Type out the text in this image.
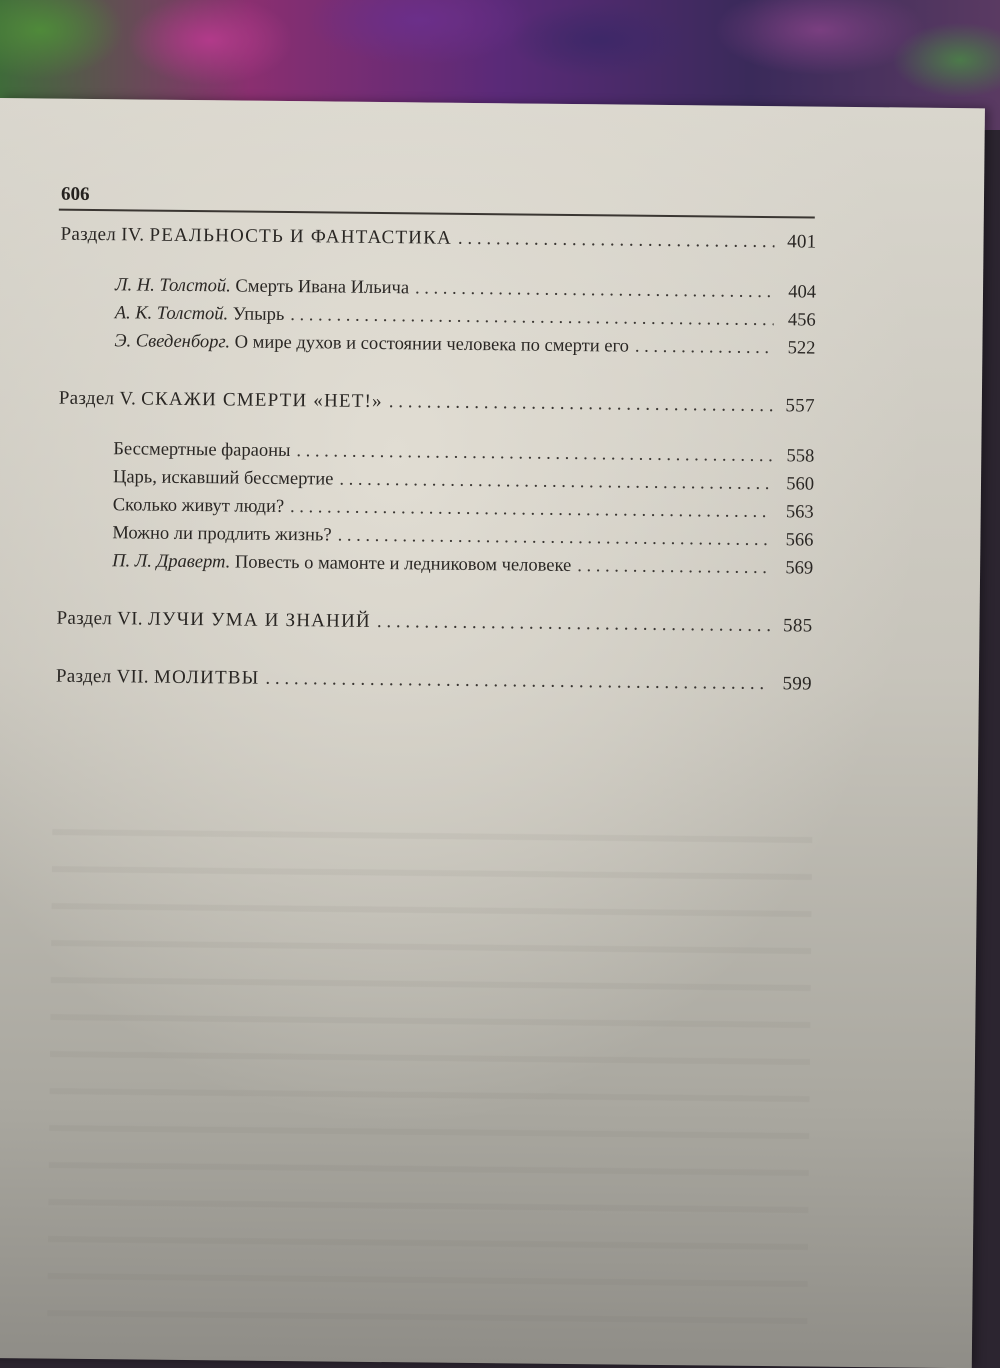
606
Раздел IV. РЕАЛЬНОСТЬ И ФАНТАСТИКА . . .	401
Л. Н. Толстой. Смерть Ивана Ильича . . .	404
А. К. Толстой. Упырь . . .	456
Э. Сведенборг. О мире духов и состоянии человека по смерти его . . .	522
Раздел V. СКАЖИ СМЕРТИ «НЕТ!» . . .	557
Бессмертные фараоны . . .	558
Царь, искавший бессмертие . . .	560
Сколько живут люди? . . .	563
Можно ли продлить жизнь? . . .	566
П. Л. Драверт. Повесть о мамонте и ледниковом человеке . . .	569
Раздел VI. ЛУЧИ УМА И ЗНАНИЙ . . .	585
Раздел VII. МОЛИТВЫ . . .	599
